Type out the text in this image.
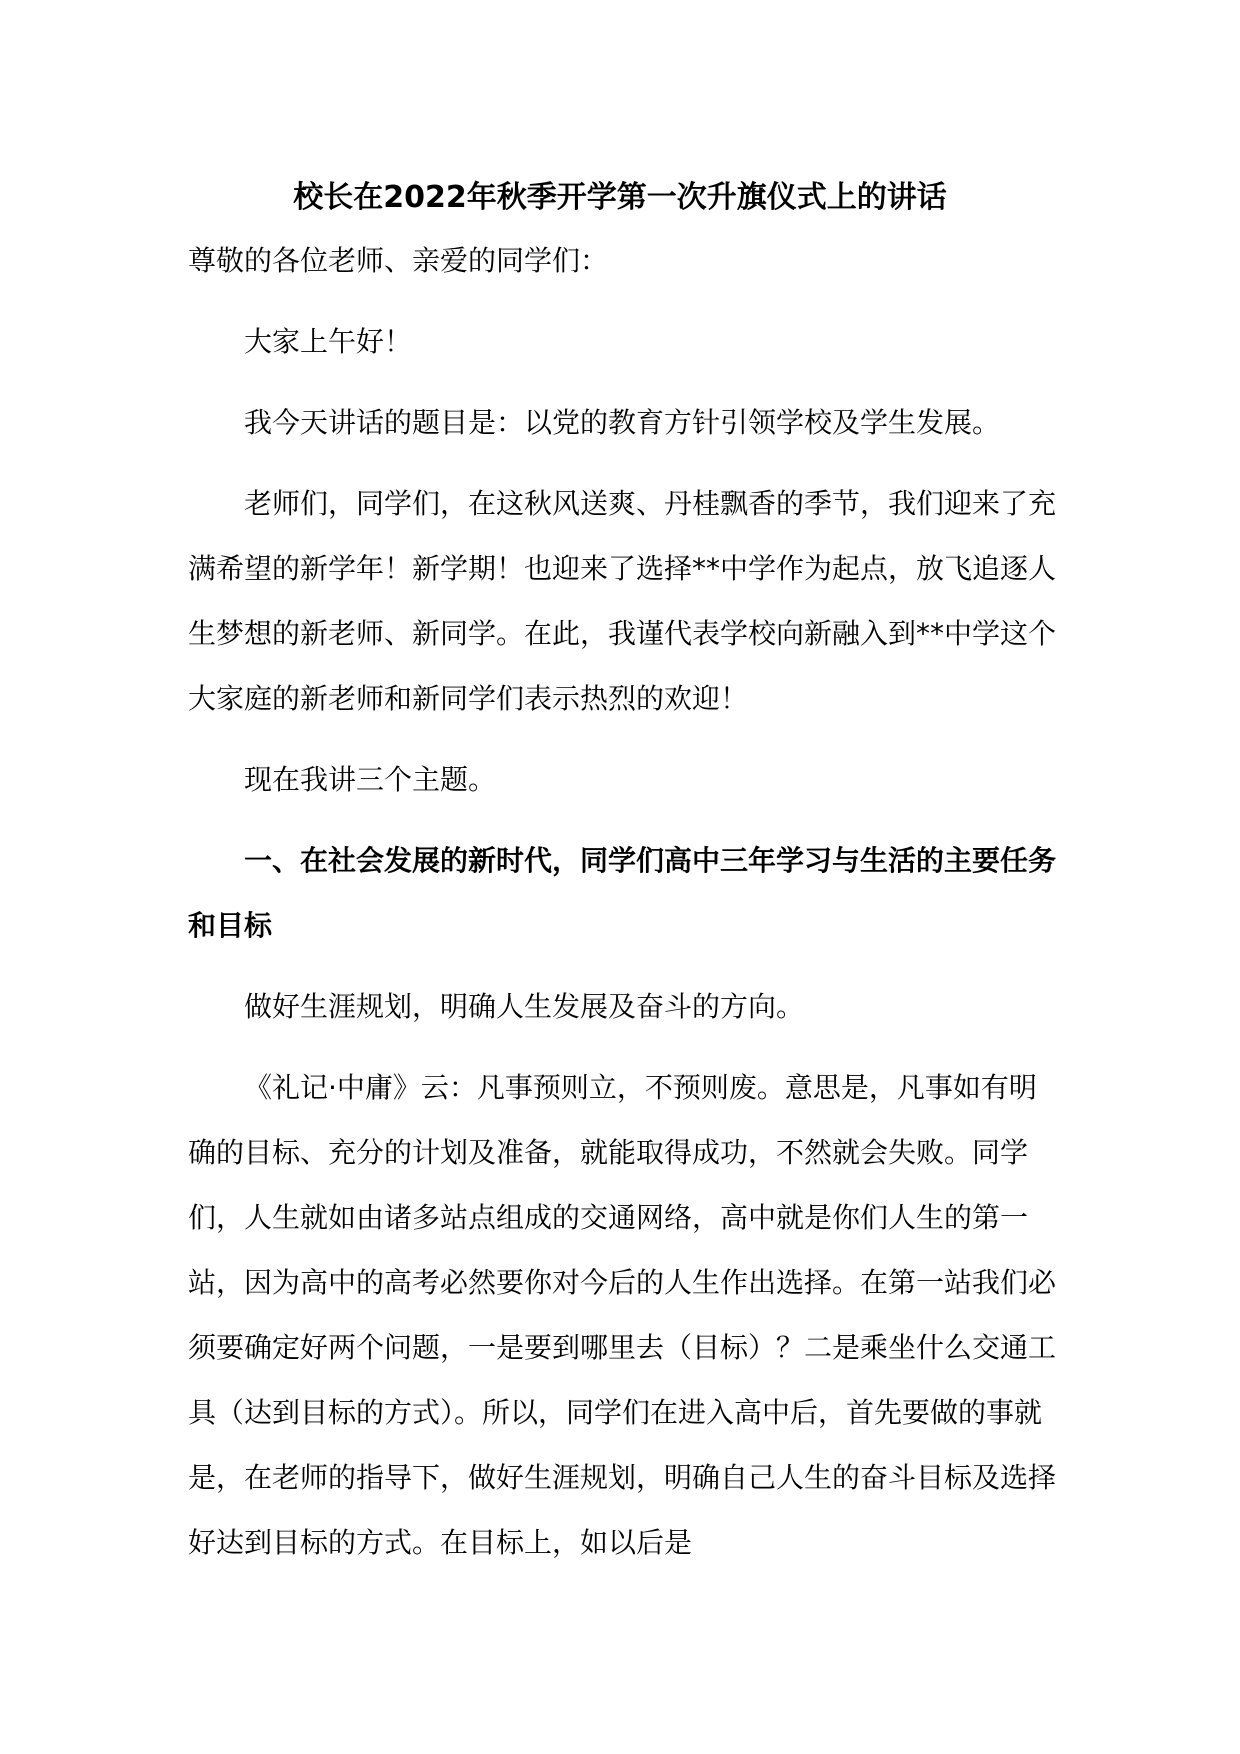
校长在2022年秋季开学第一次升旗仪式上的讲话

尊敬的各位老师、亲爱的同学们：

大家上午好！

我今天讲话的题目是：以党的教育方针引领学校及学生发展。

老师们，同学们，在这秋风送爽、丹桂飘香的季节，我们迎来了充满希望的新学年！新学期！也迎来了选择**中学作为起点，放飞追逐人生梦想的新老师、新同学。在此，我谨代表学校向新融入到**中学这个大家庭的新老师和新同学们表示热烈的欢迎！

现在我讲三个主题。

一、在社会发展的新时代，同学们高中三年学习与生活的主要任务和目标

做好生涯规划，明确人生发展及奋斗的方向。

《礼记·中庸》云：凡事预则立，不预则废。意思是，凡事如有明确的目标、充分的计划及准备，就能取得成功，不然就会失败。同学们，人生就如由诸多站点组成的交通网络，高中就是你们人生的第一站，因为高中的高考必然要你对今后的人生作出选择。在第一站我们必须要确定好两个问题，一是要到哪里去（目标）？二是乘坐什么交通工具（达到目标的方式）。所以，同学们在进入高中后，首先要做的事就是，在老师的指导下，做好生涯规划，明确自己人生的奋斗目标及选择好达到目标的方式。在目标上，如以后是
